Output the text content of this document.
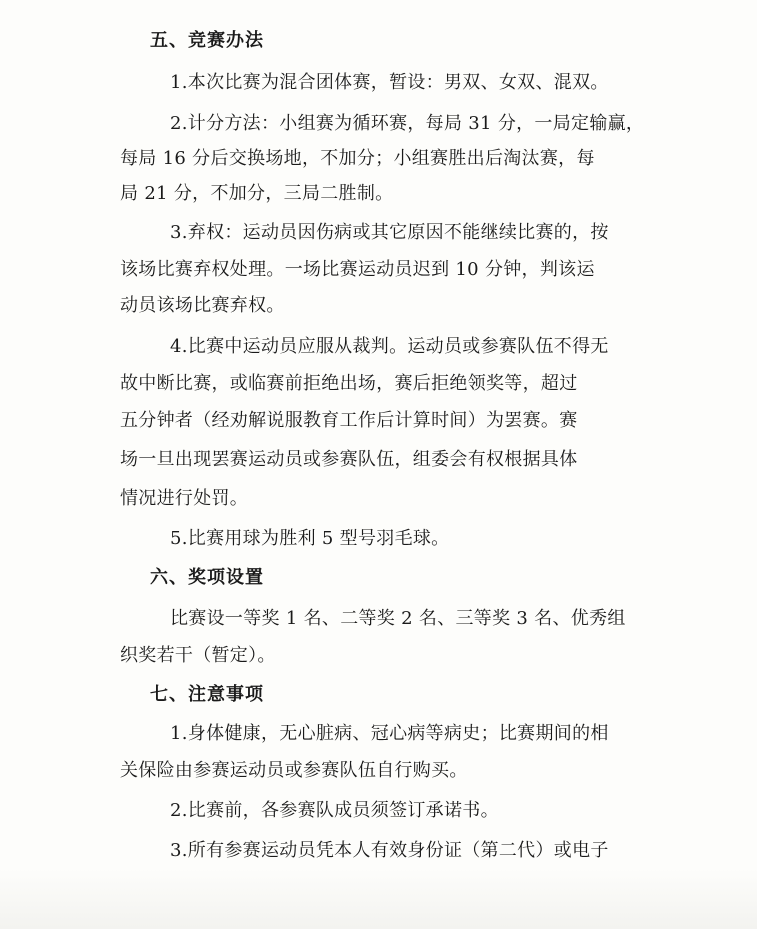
五、竞赛办法
1.本次比赛为混合团体赛，暂设：男双、女双、混双。
2.计分方法：小组赛为循环赛，每局 31 分，一局定输赢，
每局 16 分后交换场地，不加分；小组赛胜出后淘汰赛，每
局 21 分，不加分，三局二胜制。
3.弃权：运动员因伤病或其它原因不能继续比赛的，按
该场比赛弃权处理。一场比赛运动员迟到 10 分钟，判该运
动员该场比赛弃权。
4.比赛中运动员应服从裁判。运动员或参赛队伍不得无
故中断比赛，或临赛前拒绝出场，赛后拒绝领奖等，超过
五分钟者（经劝解说服教育工作后计算时间）为罢赛。赛
场一旦出现罢赛运动员或参赛队伍，组委会有权根据具体
情况进行处罚。
5.比赛用球为胜利 5 型号羽毛球。
六、奖项设置
比赛设一等奖 1 名、二等奖 2 名、三等奖 3 名、优秀组
织奖若干（暂定）。
七、注意事项
1.身体健康，无心脏病、冠心病等病史；比赛期间的相
关保险由参赛运动员或参赛队伍自行购买。
2.比赛前，各参赛队成员须签订承诺书。
3.所有参赛运动员凭本人有效身份证（第二代）或电子
